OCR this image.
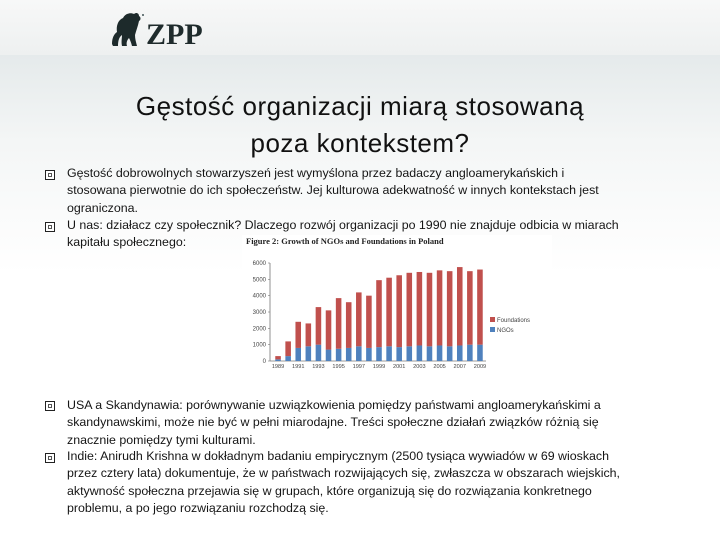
ZPP
Gęstość organizacji miarą stosowaną
poza kontekstem?
Gęstość dobrowolnych stowarzyszeń jest wymyślona przez badaczy angloamerykańskich i
stosowana pierwotnie do ich społeczeństw. Jej kulturowa adekwatność w innych kontekstach jest
ograniczona.
U nas: działacz czy społecznik? Dlaczego rozwój organizacji po 1990 nie znajduje odbicia w miarach
kapitału społecznego:	Figure 2: Growth of NGOs and Foundations in Poland
0
1000
2000
3000
4000
5000
6000
1989 1991 1993 1995 1997 1999 2001 2003 2005 2007 2009
Foundations
NGOs
USA a Skandynawia: porównywanie uzwiązkowienia pomiędzy państwami angloamerykańskimi a
skandynawskimi, może nie być w pełni miarodajne. Treści społeczne działań związków różnią się
znacznie pomiędzy tymi kulturami.
Indie: Anirudh Krishna w dokładnym badaniu empirycznym (2500 tysiąca wywiadów w 69 wioskach
przez cztery lata) dokumentuje, że w państwach rozwijających się, zwłaszcza w obszarach wiejskich,
aktywność społeczna przejawia się w grupach, które organizują się do rozwiązania konkretnego
problemu, a po jego rozwiązaniu rozchodzą się.
